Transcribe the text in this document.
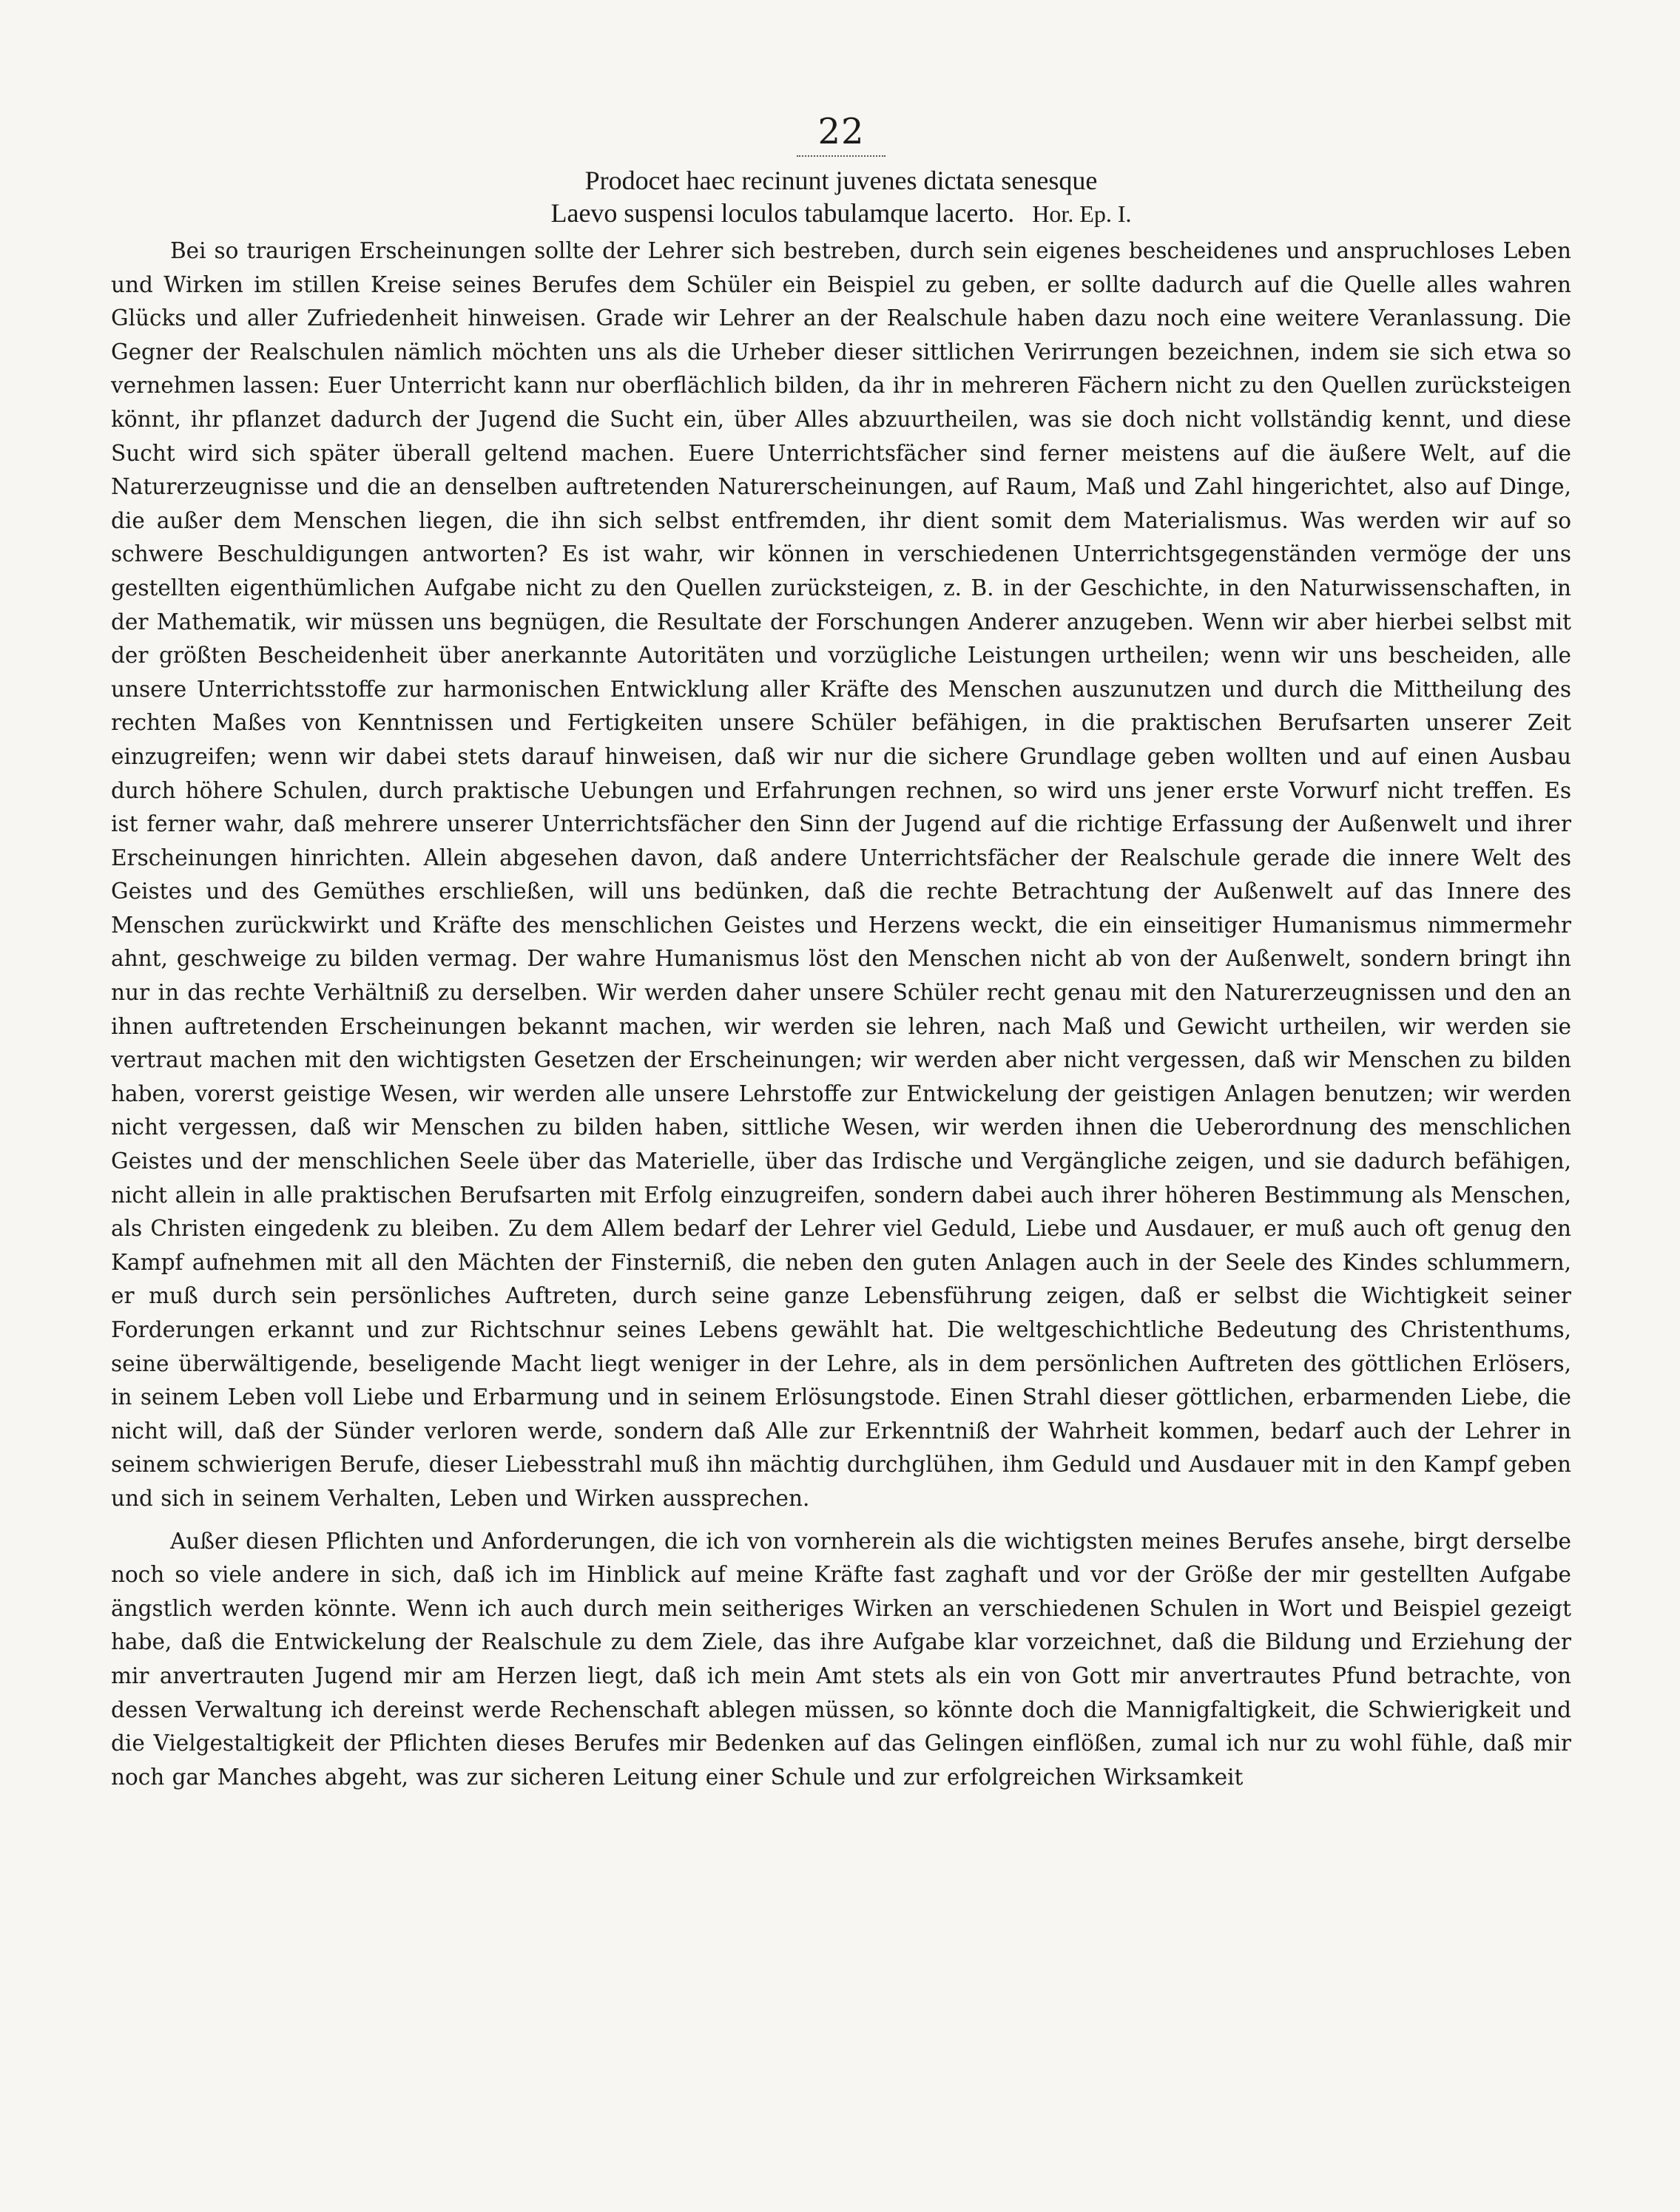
22
Prodocet haec recinunt juvenes dictata senesque
Laevo suspensi loculos tabulamque lacerto. Hor. Ep. I.

Bei so traurigen Erscheinungen sollte der Lehrer sich bestreben, durch sein eigenes bescheidenes und anspruchloses Leben und Wirken im stillen Kreise seines Berufes dem Schüler ein Beispiel zu geben, er sollte dadurch auf die Quelle alles wahren Glücks und aller Zufriedenheit hinweisen. Grade wir Lehrer an der Realschule haben dazu noch eine weitere Veranlassung. Die Gegner der Realschulen nämlich möchten uns als die Urheber dieser sittlichen Verirrungen bezeichnen, indem sie sich etwa so vernehmen lassen: Euer Unterricht kann nur oberflächlich bilden, da ihr in mehreren Fächern nicht zu den Quellen zurücksteigen könnt, ihr pflanzet dadurch der Jugend die Sucht ein, über Alles abzuurtheilen, was sie doch nicht vollständig kennt, und diese Sucht wird sich später überall geltend machen. Euere Unterrichtsfächer sind ferner meistens auf die äußere Welt, auf die Naturerzeugnisse und die an denselben auftretenden Naturerscheinungen, auf Raum, Maß und Zahl hingerichtet, also auf Dinge, die außer dem Menschen liegen, die ihn sich selbst entfremden, ihr dient somit dem Materialismus. Was werden wir auf so schwere Beschuldigungen antworten? Es ist wahr, wir können in verschiedenen Unterrichtsgegenständen vermöge der uns gestellten eigenthümlichen Aufgabe nicht zu den Quellen zurücksteigen, z. B. in der Geschichte, in den Naturwissenschaften, in der Mathematik, wir müssen uns begnügen, die Resultate der Forschungen Anderer anzugeben. Wenn wir aber hierbei selbst mit der größten Bescheidenheit über anerkannte Autoritäten und vorzügliche Leistungen urtheilen; wenn wir uns bescheiden, alle unsere Unterrichtsstoffe zur harmonischen Entwicklung aller Kräfte des Menschen auszunutzen und durch die Mittheilung des rechten Maßes von Kenntnissen und Fertigkeiten unsere Schüler befähigen, in die praktischen Berufsarten unserer Zeit einzugreifen; wenn wir dabei stets darauf hinweisen, daß wir nur die sichere Grundlage geben wollten und auf einen Ausbau durch höhere Schulen, durch praktische Uebungen und Erfahrungen rechnen, so wird uns jener erste Vorwurf nicht treffen. Es ist ferner wahr, daß mehrere unserer Unterrichtsfächer den Sinn der Jugend auf die richtige Erfassung der Außenwelt und ihrer Erscheinungen hinrichten. Allein abgesehen davon, daß andere Unterrichtsfächer der Realschule gerade die innere Welt des Geistes und des Gemüthes erschließen, will uns bedünken, daß die rechte Betrachtung der Außenwelt auf das Innere des Menschen zurückwirkt und Kräfte des menschlichen Geistes und Herzens weckt, die ein einseitiger Humanismus nimmermehr ahnt, geschweige zu bilden vermag. Der wahre Humanismus löst den Menschen nicht ab von der Außenwelt, sondern bringt ihn nur in das rechte Verhältniß zu derselben. Wir werden daher unsere Schüler recht genau mit den Naturerzeugnissen und den an ihnen auftretenden Erscheinungen bekannt machen, wir werden sie lehren, nach Maß und Gewicht urtheilen, wir werden sie vertraut machen mit den wichtigsten Gesetzen der Erscheinungen; wir werden aber nicht vergessen, daß wir Menschen zu bilden haben, vorerst geistige Wesen, wir werden alle unsere Lehrstoffe zur Entwickelung der geistigen Anlagen benutzen; wir werden nicht vergessen, daß wir Menschen zu bilden haben, sittliche Wesen, wir werden ihnen die Ueberordnung des menschlichen Geistes und der menschlichen Seele über das Materielle, über das Irdische und Vergängliche zeigen, und sie dadurch befähigen, nicht allein in alle praktischen Berufsarten mit Erfolg einzugreifen, sondern dabei auch ihrer höheren Bestimmung als Menschen, als Christen eingedenk zu bleiben. Zu dem Allem bedarf der Lehrer viel Geduld, Liebe und Ausdauer, er muß auch oft genug den Kampf aufnehmen mit all den Mächten der Finsterniß, die neben den guten Anlagen auch in der Seele des Kindes schlummern, er muß durch sein persönliches Auftreten, durch seine ganze Lebensführung zeigen, daß er selbst die Wichtigkeit seiner Forderungen erkannt und zur Richtschnur seines Lebens gewählt hat. Die weltgeschichtliche Bedeutung des Christenthums, seine überwältigende, beseligende Macht liegt weniger in der Lehre, als in dem persönlichen Auftreten des göttlichen Erlösers, in seinem Leben voll Liebe und Erbarmung und in seinem Erlösungstode. Einen Strahl dieser göttlichen, erbarmenden Liebe, die nicht will, daß der Sünder verloren werde, sondern daß Alle zur Erkenntniß der Wahrheit kommen, bedarf auch der Lehrer in seinem schwierigen Berufe, dieser Liebesstrahl muß ihn mächtig durchglühen, ihm Geduld und Ausdauer mit in den Kampf geben und sich in seinem Verhalten, Leben und Wirken aussprechen.

Außer diesen Pflichten und Anforderungen, die ich von vornherein als die wichtigsten meines Berufes ansehe, birgt derselbe noch so viele andere in sich, daß ich im Hinblick auf meine Kräfte fast zaghaft und vor der Größe der mir gestellten Aufgabe ängstlich werden könnte. Wenn ich auch durch mein seitheriges Wirken an verschiedenen Schulen in Wort und Beispiel gezeigt habe, daß die Entwickelung der Realschule zu dem Ziele, das ihre Aufgabe klar vorzeichnet, daß die Bildung und Erziehung der mir anvertrauten Jugend mir am Herzen liegt, daß ich mein Amt stets als ein von Gott mir anvertrautes Pfund betrachte, von dessen Verwaltung ich dereinst werde Rechenschaft ablegen müssen, so könnte doch die Mannigfaltigkeit, die Schwierigkeit und die Vielgestaltigkeit der Pflichten dieses Berufes mir Bedenken auf das Gelingen einflößen, zumal ich nur zu wohl fühle, daß mir noch gar Manches abgeht, was zur sicheren Leitung einer Schule und zur erfolgreichen Wirksamkeit
